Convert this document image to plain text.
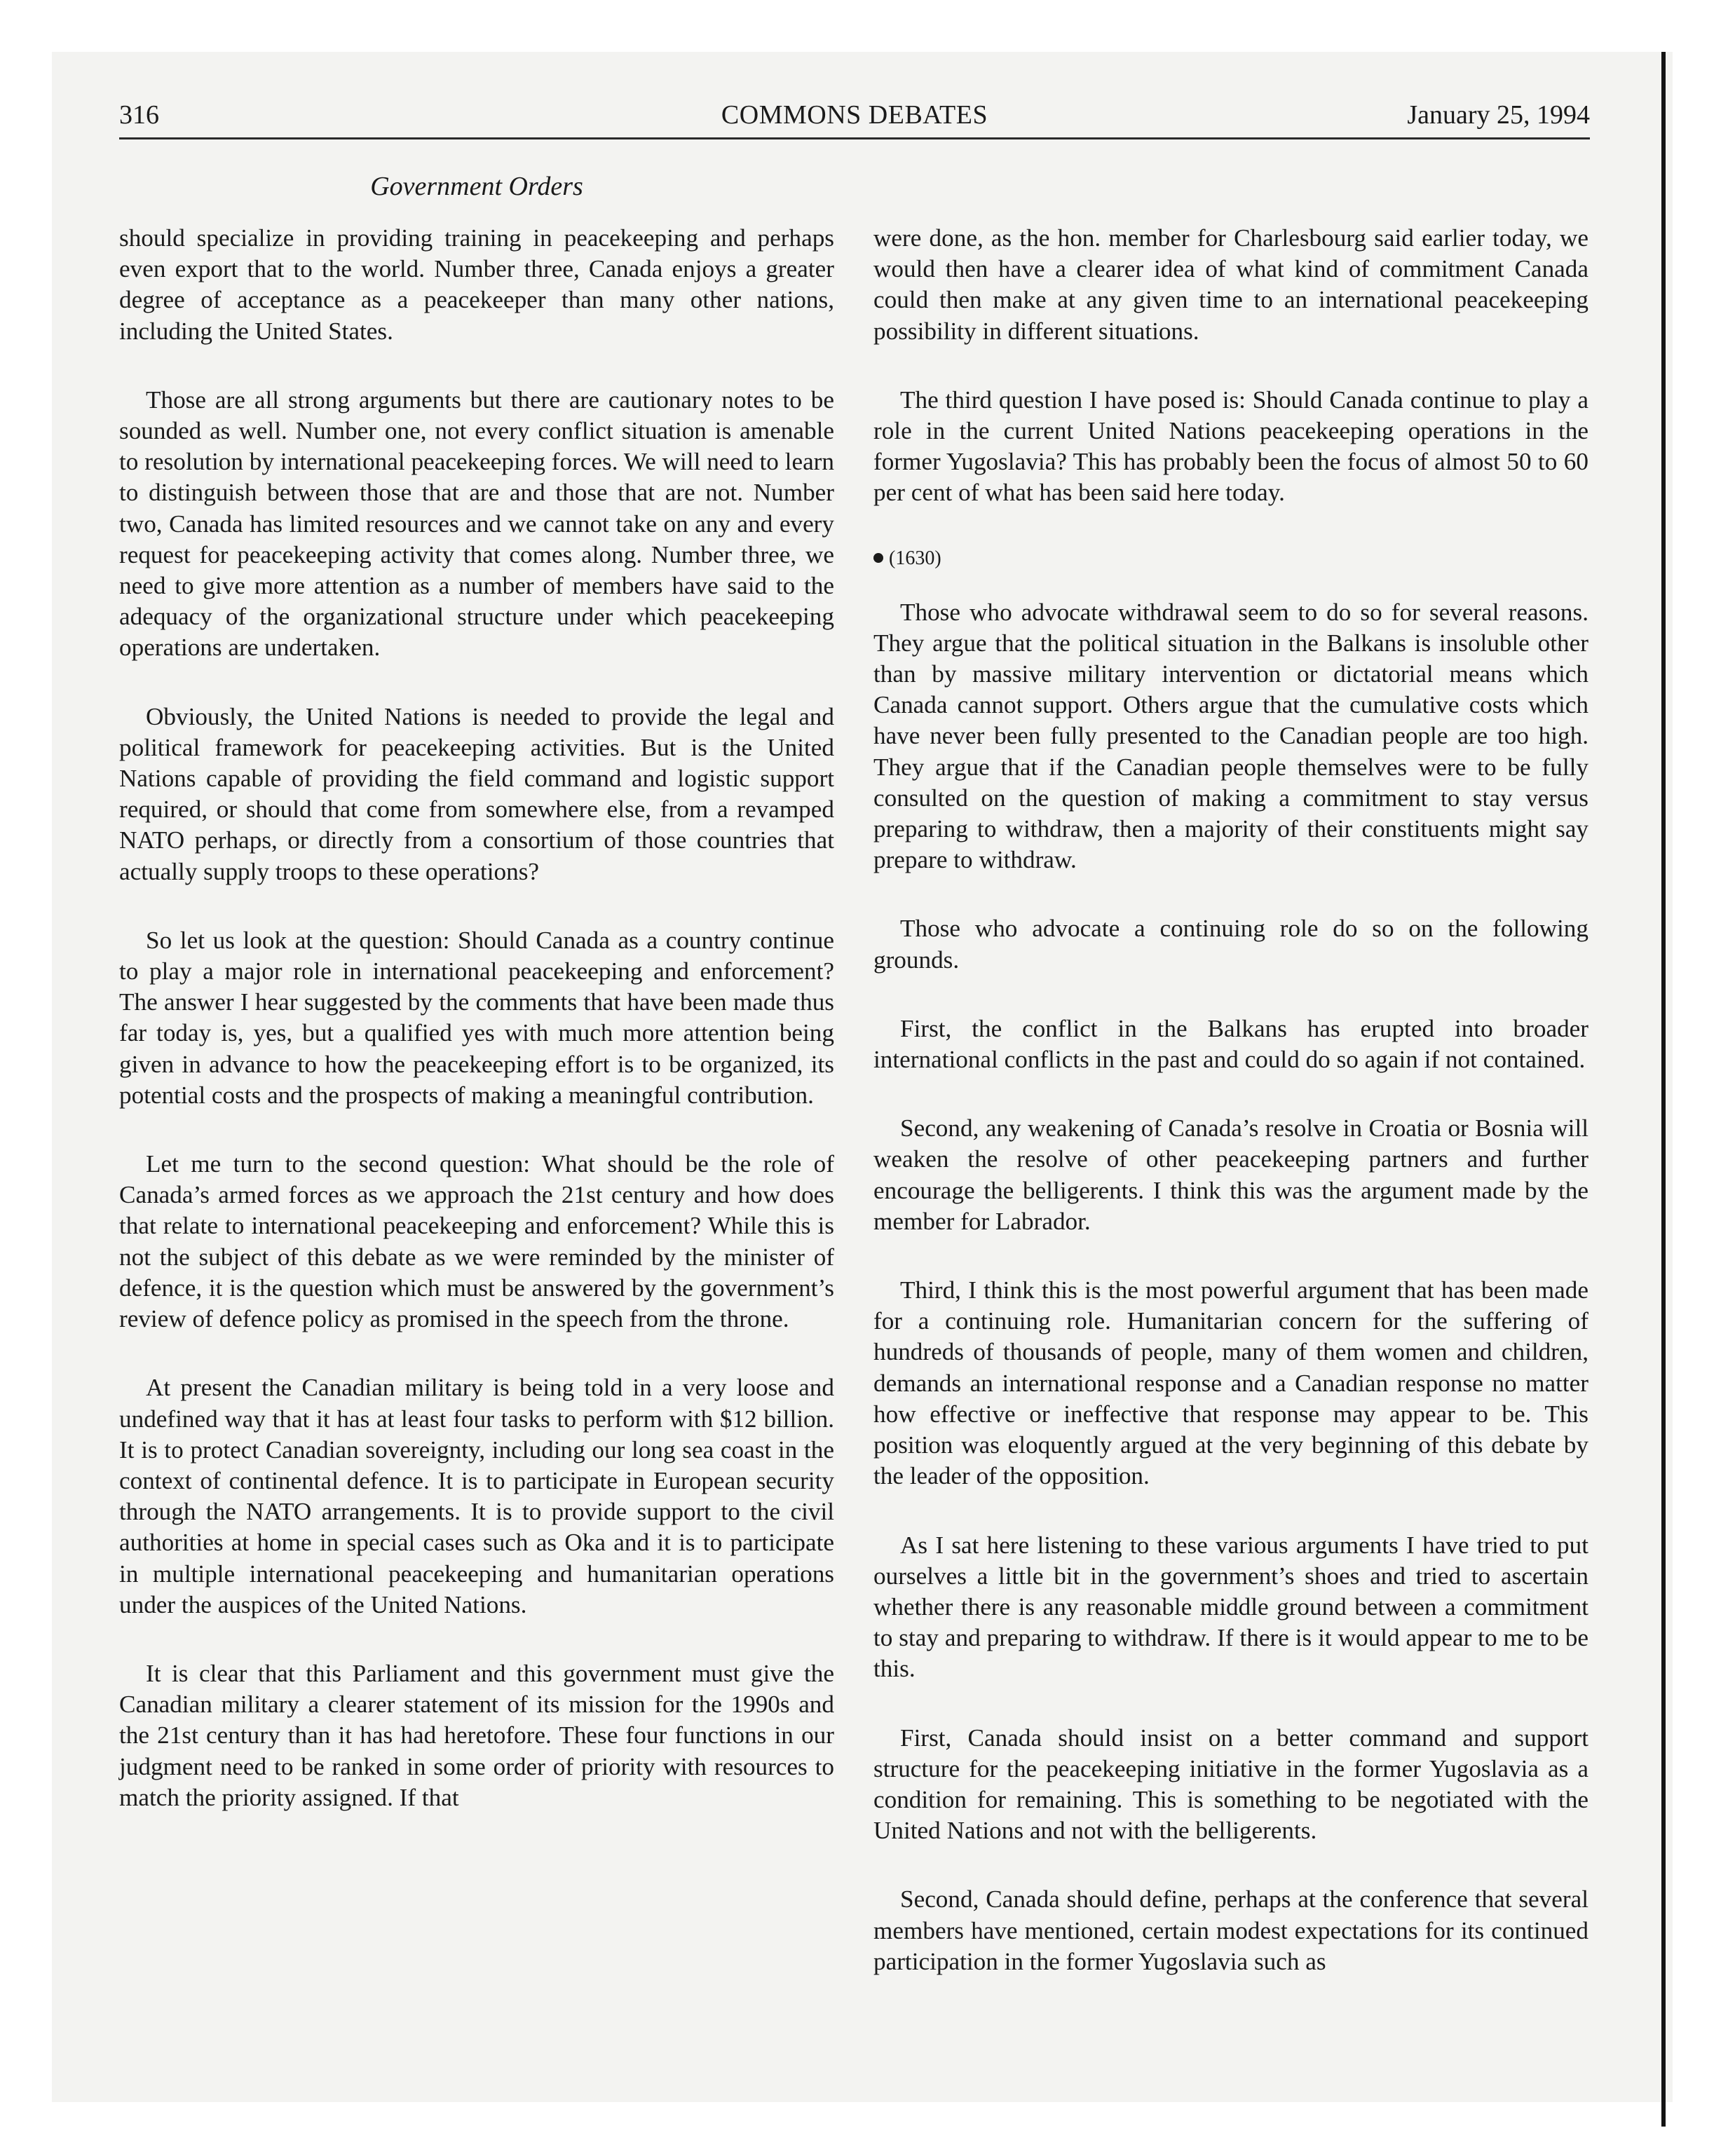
316	COMMONS DEBATES	January 25, 1994
Government Orders

should specialize in providing training in peacekeeping and perhaps even export that to the world. Number three, Canada enjoys a greater degree of acceptance as a peacekeeper than many other nations, including the United States.

Those are all strong arguments but there are cautionary notes to be sounded as well. Number one, not every conflict situation is amenable to resolution by international peacekeeping forces. We will need to learn to distinguish between those that are and those that are not. Number two, Canada has limited resources and we cannot take on any and every request for peacekeeping activity that comes along. Number three, we need to give more attention as a number of members have said to the adequacy of the organizational structure under which peacekeeping operations are undertaken.

Obviously, the United Nations is needed to provide the legal and political framework for peacekeeping activities. But is the United Nations capable of providing the field command and logistic support required, or should that come from somewhere else, from a revamped NATO perhaps, or directly from a consortium of those countries that actually supply troops to these operations?

So let us look at the question: Should Canada as a country continue to play a major role in international peacekeeping and enforcement? The answer I hear suggested by the comments that have been made thus far today is, yes, but a qualified yes with much more attention being given in advance to how the peacekeeping effort is to be organized, its potential costs and the prospects of making a meaningful contribution.

Let me turn to the second question: What should be the role of Canada’s armed forces as we approach the 21st century and how does that relate to international peacekeeping and enforcement? While this is not the subject of this debate as we were reminded by the minister of defence, it is the question which must be answered by the government’s review of defence policy as promised in the speech from the throne.

At present the Canadian military is being told in a very loose and undefined way that it has at least four tasks to perform with $12 billion. It is to protect Canadian sovereignty, including our long sea coast in the context of continental defence. It is to participate in European security through the NATO arrangements. It is to provide support to the civil authorities at home in special cases such as Oka and it is to participate in multiple international peacekeeping and humanitarian operations under the auspices of the United Nations.

It is clear that this Parliament and this government must give the Canadian military a clearer statement of its mission for the 1990s and the 21st century than it has had heretofore. These four functions in our judgment need to be ranked in some order of priority with resources to match the priority assigned. If that

were done, as the hon. member for Charlesbourg said earlier today, we would then have a clearer idea of what kind of commitment Canada could then make at any given time to an international peacekeeping possibility in different situations.

The third question I have posed is: Should Canada continue to play a role in the current United Nations peacekeeping operations in the former Yugoslavia? This has probably been the focus of almost 50 to 60 per cent of what has been said here today.

(1630)

Those who advocate withdrawal seem to do so for several reasons. They argue that the political situation in the Balkans is insoluble other than by massive military intervention or dictatorial means which Canada cannot support. Others argue that the cumulative costs which have never been fully presented to the Canadian people are too high. They argue that if the Canadian people themselves were to be fully consulted on the question of making a commitment to stay versus preparing to withdraw, then a majority of their constituents might say prepare to withdraw.

Those who advocate a continuing role do so on the following grounds.

First, the conflict in the Balkans has erupted into broader international conflicts in the past and could do so again if not contained.

Second, any weakening of Canada’s resolve in Croatia or Bosnia will weaken the resolve of other peacekeeping partners and further encourage the belligerents. I think this was the argument made by the member for Labrador.

Third, I think this is the most powerful argument that has been made for a continuing role. Humanitarian concern for the suffering of hundreds of thousands of people, many of them women and children, demands an international response and a Canadian response no matter how effective or ineffective that response may appear to be. This position was eloquently argued at the very beginning of this debate by the leader of the opposition.

As I sat here listening to these various arguments I have tried to put ourselves a little bit in the government’s shoes and tried to ascertain whether there is any reasonable middle ground between a commitment to stay and preparing to withdraw. If there is it would appear to me to be this.

First, Canada should insist on a better command and support structure for the peacekeeping initiative in the former Yugoslavia as a condition for remaining. This is something to be negotiated with the United Nations and not with the belligerents.

Second, Canada should define, perhaps at the conference that several members have mentioned, certain modest expectations for its continued participation in the former Yugoslavia such as
